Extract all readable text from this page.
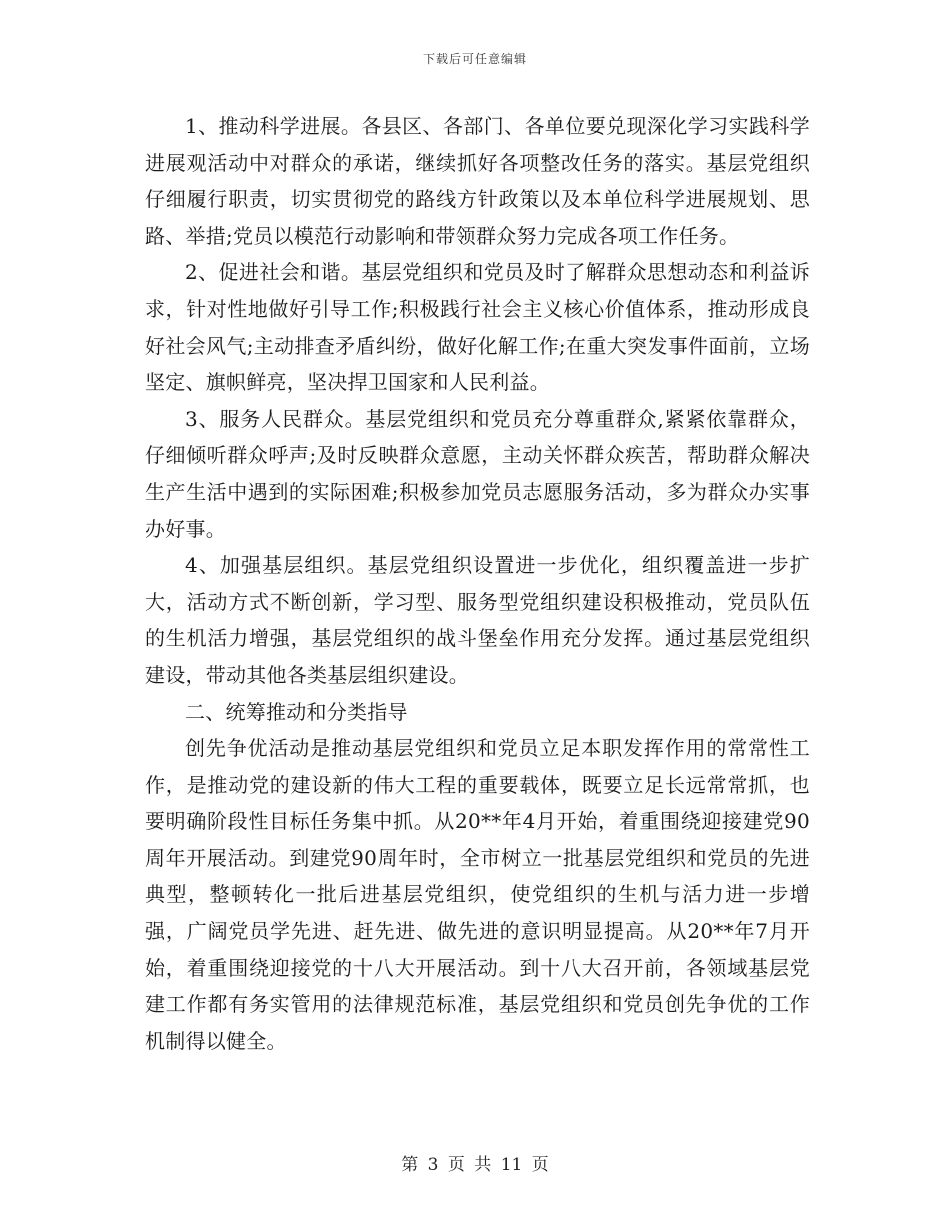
下载后可任意编辑

1、推动科学进展。各县区、各部门、各单位要兑现深化学习实践科学进展观活动中对群众的承诺，继续抓好各项整改任务的落实。基层党组织仔细履行职责，切实贯彻党的路线方针政策以及本单位科学进展规划、思路、举措;党员以模范行动影响和带领群众努力完成各项工作任务。

2、促进社会和谐。基层党组织和党员及时了解群众思想动态和利益诉求，针对性地做好引导工作;积极践行社会主义核心价值体系，推动形成良好社会风气;主动排查矛盾纠纷，做好化解工作;在重大突发事件面前，立场坚定、旗帜鲜亮，坚决捍卫国家和人民利益。

3、服务人民群众。基层党组织和党员充分尊重群众,紧紧依靠群众，仔细倾听群众呼声;及时反映群众意愿，主动关怀群众疾苦，帮助群众解决生产生活中遇到的实际困难;积极参加党员志愿服务活动，多为群众办实事办好事。

4、加强基层组织。基层党组织设置进一步优化，组织覆盖进一步扩大，活动方式不断创新，学习型、服务型党组织建设积极推动，党员队伍的生机活力增强，基层党组织的战斗堡垒作用充分发挥。通过基层党组织建设，带动其他各类基层组织建设。

二、统筹推动和分类指导

创先争优活动是推动基层党组织和党员立足本职发挥作用的常常性工作，是推动党的建设新的伟大工程的重要载体，既要立足长远常常抓，也要明确阶段性目标任务集中抓。从20**年4月开始，着重围绕迎接建党90周年开展活动。到建党90周年时，全市树立一批基层党组织和党员的先进典型，整顿转化一批后进基层党组织，使党组织的生机与活力进一步增强，广阔党员学先进、赶先进、做先进的意识明显提高。从20**年7月开始，着重围绕迎接党的十八大开展活动。到十八大召开前，各领域基层党建工作都有务实管用的法律规范标准，基层党组织和党员创先争优的工作机制得以健全。

第 3 页 共 11 页
